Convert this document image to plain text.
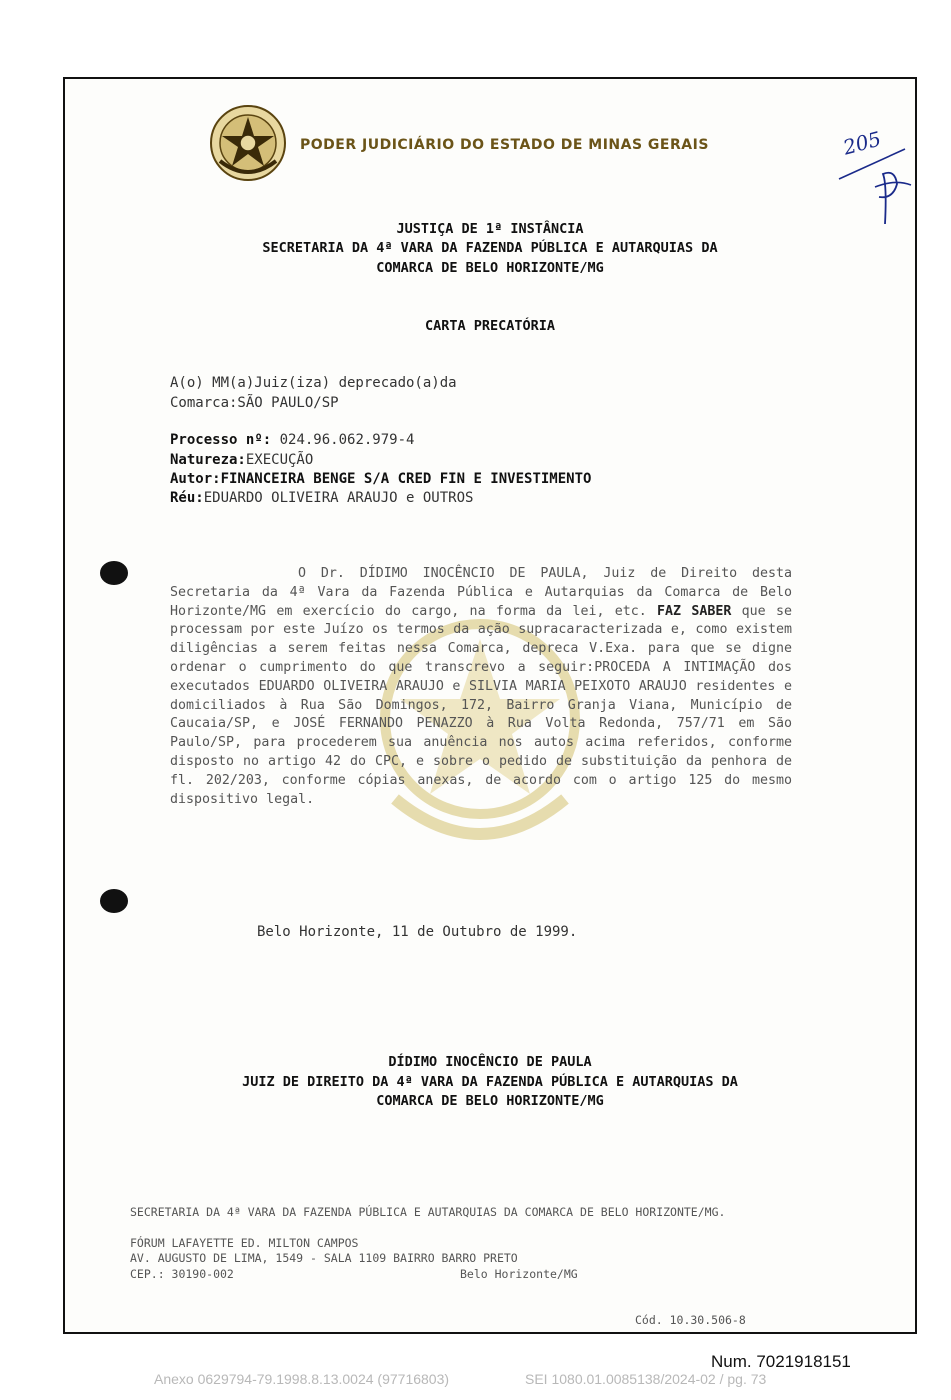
PODER JUDICIÁRIO DO ESTADO DE MINAS GERAIS	205
JUSTIÇA DE 1ª INSTÂNCIA
SECRETARIA DA 4ª VARA DA FAZENDA PÚBLICA E AUTARQUIAS DA
COMARCA DE BELO HORIZONTE/MG
CARTA PRECATÓRIA
A(o) MM(a)Juiz(iza) deprecado(a)da
Comarca:SÃO PAULO/SP
Processo nº: 024.96.062.979-4
Natureza:EXECUÇÃO
Autor:FINANCEIRA BENGE S/A CRED FIN E INVESTIMENTO
Réu:EDUARDO OLIVEIRA ARAUJO e OUTROS
O Dr. DÍDIMO INOCÊNCIO DE PAULA, Juiz de Direito desta Secretaria da 4ª Vara da Fazenda Pública e Autarquias da Comarca de Belo Horizonte/MG em exercício do cargo, na forma da lei, etc. FAZ SABER que se processam por este Juízo os termos da ação supracaracterizada e, como existem diligências a serem feitas nessa Comarca, depreca V.Exa. para que se digne ordenar o cumprimento do que transcrevo a seguir:PROCEDA A INTIMAÇÃO dos executados EDUARDO OLIVEIRA ARAUJO e SILVIA MARIA PEIXOTO ARAUJO residentes e domiciliados à Rua São Domingos, 172, Bairro Granja Viana, Município de Caucaia/SP, e JOSÉ FERNANDO PENAZZO à Rua Volta Redonda, 757/71 em São Paulo/SP, para procederem sua anuência nos autos acima referidos, conforme disposto no artigo 42 do CPC, e sobre o pedido de substituição da penhora de fl. 202/203, conforme cópias anexas, de acordo com o artigo 125 do mesmo dispositivo legal.
Belo Horizonte, 11 de Outubro de 1999.
DÍDIMO INOCÊNCIO DE PAULA
JUIZ DE DIREITO DA 4ª VARA DA FAZENDA PÚBLICA E AUTARQUIAS DA
COMARCA DE BELO HORIZONTE/MG
SECRETARIA DA 4ª VARA DA FAZENDA PÚBLICA E AUTARQUIAS DA COMARCA DE BELO HORIZONTE/MG.
FÓRUM LAFAYETTE ED. MILTON CAMPOS
AV. AUGUSTO DE LIMA, 1549 - SALA 1109 BAIRRO BARRO PRETO
CEP.: 30190-002	Belo Horizonte/MG
Cód. 10.30.506-8
Num. 7021918151
Anexo 0629794-79.1998.8.13.0024 (97716803)	SEI 1080.01.0085138/2024-02 / pg. 73
